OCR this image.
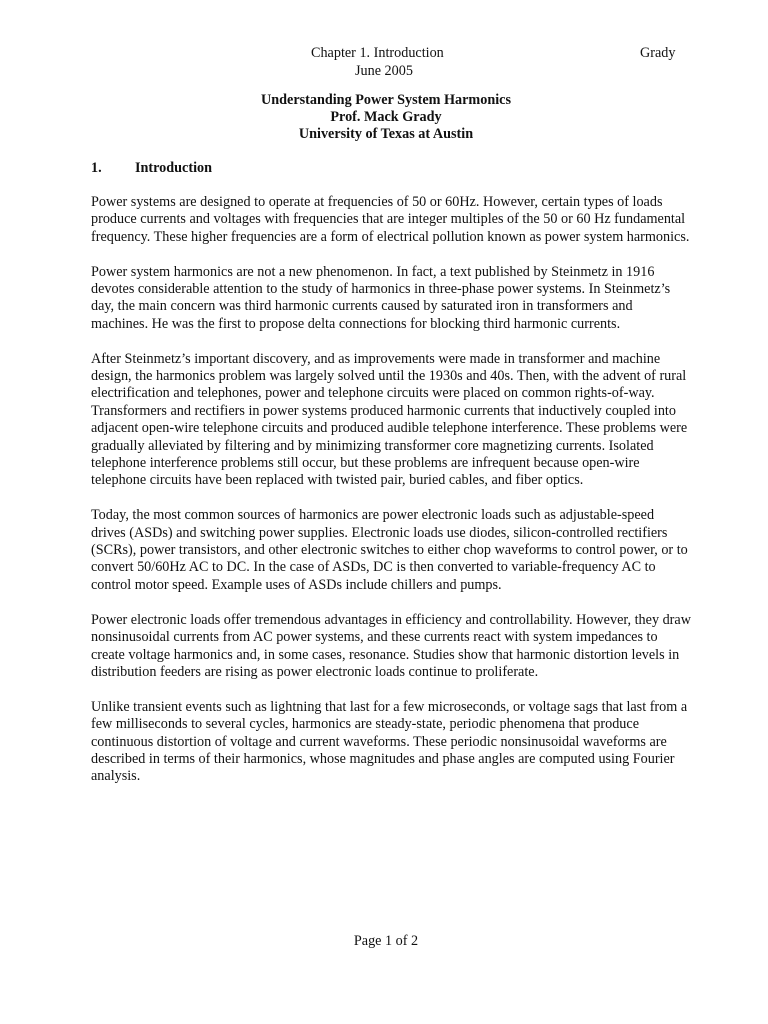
Chapter 1. Introduction	Grady
June 2005
Understanding Power System Harmonics
Prof. Mack Grady
University of Texas at Austin
1. Introduction

Power systems are designed to operate at frequencies of 50 or 60Hz. However, certain types of loads produce currents and voltages with frequencies that are integer multiples of the 50 or 60 Hz fundamental frequency. These higher frequencies are a form of electrical pollution known as power system harmonics.

Power system harmonics are not a new phenomenon. In fact, a text published by Steinmetz in 1916 devotes considerable attention to the study of harmonics in three-phase power systems. In Steinmetz’s day, the main concern was third harmonic currents caused by saturated iron in transformers and machines. He was the first to propose delta connections for blocking third harmonic currents.

After Steinmetz’s important discovery, and as improvements were made in transformer and machine design, the harmonics problem was largely solved until the 1930s and 40s. Then, with the advent of rural electrification and telephones, power and telephone circuits were placed on common rights-of-way. Transformers and rectifiers in power systems produced harmonic currents that inductively coupled into adjacent open-wire telephone circuits and produced audible telephone interference. These problems were gradually alleviated by filtering and by minimizing transformer core magnetizing currents. Isolated telephone interference problems still occur, but these problems are infrequent because open-wire telephone circuits have been replaced with twisted pair, buried cables, and fiber optics.

Today, the most common sources of harmonics are power electronic loads such as adjustable-speed drives (ASDs) and switching power supplies. Electronic loads use diodes, silicon-controlled rectifiers (SCRs), power transistors, and other electronic switches to either chop waveforms to control power, or to convert 50/60Hz AC to DC. In the case of ASDs, DC is then converted to variable-frequency AC to control motor speed. Example uses of ASDs include chillers and pumps.

Power electronic loads offer tremendous advantages in efficiency and controllability. However, they draw nonsinusoidal currents from AC power systems, and these currents react with system impedances to create voltage harmonics and, in some cases, resonance. Studies show that harmonic distortion levels in distribution feeders are rising as power electronic loads continue to proliferate.

Unlike transient events such as lightning that last for a few microseconds, or voltage sags that last from a few milliseconds to several cycles, harmonics are steady-state, periodic phenomena that produce continuous distortion of voltage and current waveforms. These periodic nonsinusoidal waveforms are described in terms of their harmonics, whose magnitudes and phase angles are computed using Fourier analysis.

Page 1 of 2
